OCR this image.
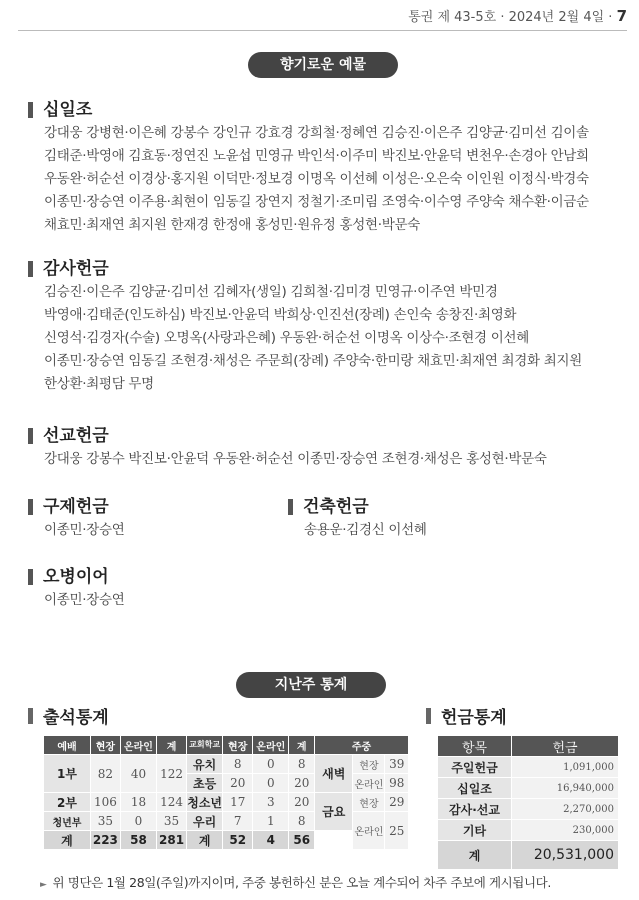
통권 제 43-5호 · 2024년 2월 4일 · 7
향기로운 예물
십일조
강대웅 강병현·이은혜 강봉수 강인규 강효경 강희철·정혜연 김승진·이은주 김양균·김미선 김이솔
김태준·박영애 김효동·정연진 노윤섭 민영규 박인석·이주미 박진보·안윤덕 변천우·손경아 안남희
우동완·허순선 이경상·홍지원 이덕만·정보경 이명옥 이선혜 이성은·오은숙 이인원 이정식·박경숙
이종민·장승연 이주용·최현이 임동길 장연지 정철기·조미림 조영숙·이수영 주양숙 채수환·이금순
채효민·최재연 최지원 한재경 한정애 홍성민·원유정 홍성현·박문숙
감사헌금
김승진·이은주 김양균·김미선 김혜자(생일) 김희철·김미경 민영규·이주연 박민경
박영애·김태준(인도하심) 박진보·안윤덕 박희상·인진선(장례) 손인숙 송창진·최영화
신영석·김경자(수술) 오명옥(사랑과은혜) 우동완·허순선 이명옥 이상수·조현경 이선혜
이종민·장승연 임동길 조현경·채성은 주문희(장례) 주양숙·한미랑 채효민·최재연 최경화 최지원
한상환·최평담 무명
선교헌금
강대웅 강봉수 박진보·안윤덕 우동완·허순선 이종민·장승연 조현경·채성은 홍성현·박문숙
구제헌금
이종민·장승연
건축헌금
송용운·김경신 이선혜
오병이어
이종민·장승연
지난주 통계
출석통계	헌금통계
예배	현장	온라인	계	교회학교	현장	온라인	계	주중		
1부	82	40	122	유치	8	0	8	새벽	현장	39
				초등	20	0	20		온라인	98
2부	106	18	124	청소년	17	3	20	금요	현장	29
청년부	35	0	35	우리	7	1	8		온라인	25
계	223	58	281	계	52	4	56			
항목	헌금
주일헌금	1,091,000
십일조	16,940,000
감사·선교	2,270,000
기타	230,000
계	20,531,000
► 위 명단은 1월 28일(주일)까지이며, 주중 봉헌하신 분은 오늘 계수되어 차주 주보에 게시됩니다.
